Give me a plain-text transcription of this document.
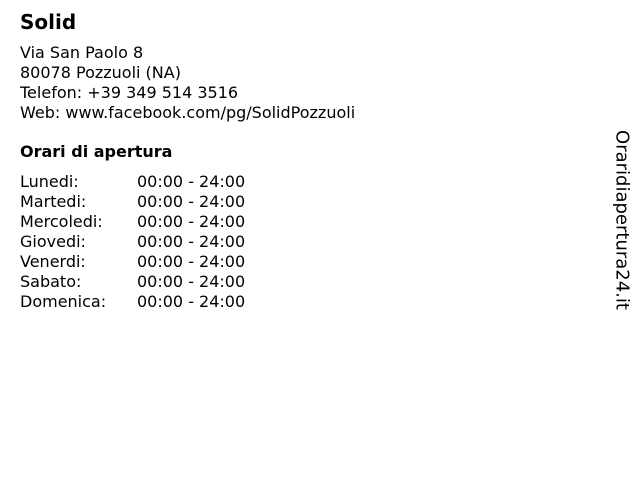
Solid
Via San Paolo 8
80078 Pozzuoli (NA)
Telefon: +39 349 514 3516
Web: www.facebook.com/pg/SolidPozzuoli
Orari di apertura
Lunedi:	00:00 - 24:00
Martedi:	00:00 - 24:00
Mercoledi:	00:00 - 24:00
Giovedi:	00:00 - 24:00
Venerdi:	00:00 - 24:00
Sabato:	00:00 - 24:00
Domenica:	00:00 - 24:00	Oraridiapertura24.it
